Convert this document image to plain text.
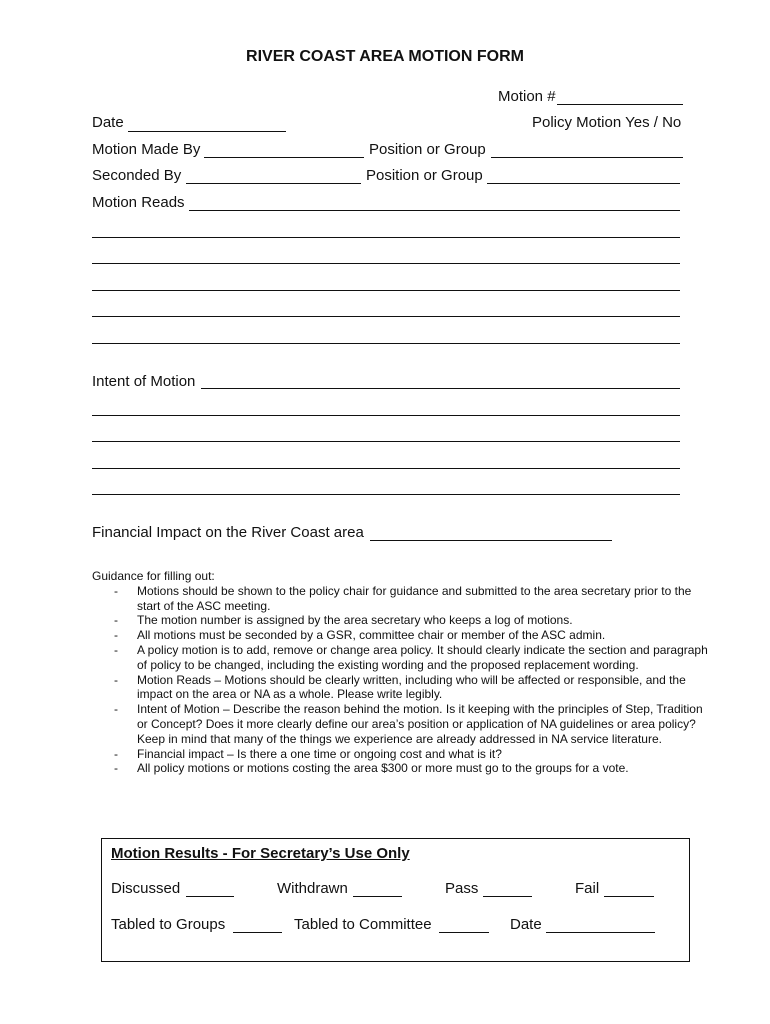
RIVER COAST AREA MOTION FORM
Motion #
Date	Policy Motion Yes / No
Motion Made By	Position or Group
Seconded By	Position or Group
Motion Reads
Intent of Motion
Financial Impact on the River Coast area
Guidance for filling out:
- Motions should be shown to the policy chair for guidance and submitted to the area secretary prior to the start of the ASC meeting.
- The motion number is assigned by the area secretary who keeps a log of motions.
- All motions must be seconded by a GSR, committee chair or member of the ASC admin.
- A policy motion is to add, remove or change area policy. It should clearly indicate the section and paragraph of policy to be changed, including the existing wording and the proposed replacement wording.
- Motion Reads – Motions should be clearly written, including who will be affected or responsible, and the impact on the area or NA as a whole. Please write legibly.
- Intent of Motion – Describe the reason behind the motion. Is it keeping with the principles of Step, Tradition or Concept? Does it more clearly define our area’s position or application of NA guidelines or area policy? Keep in mind that many of the things we experience are already addressed in NA service literature.
- Financial impact – Is there a one time or ongoing cost and what is it?
- All policy motions or motions costing the area $300 or more must go to the groups for a vote.
Motion Results - For Secretary’s Use Only
Discussed	Withdrawn	Pass	Fail
Tabled to Groups	Tabled to Committee	Date
